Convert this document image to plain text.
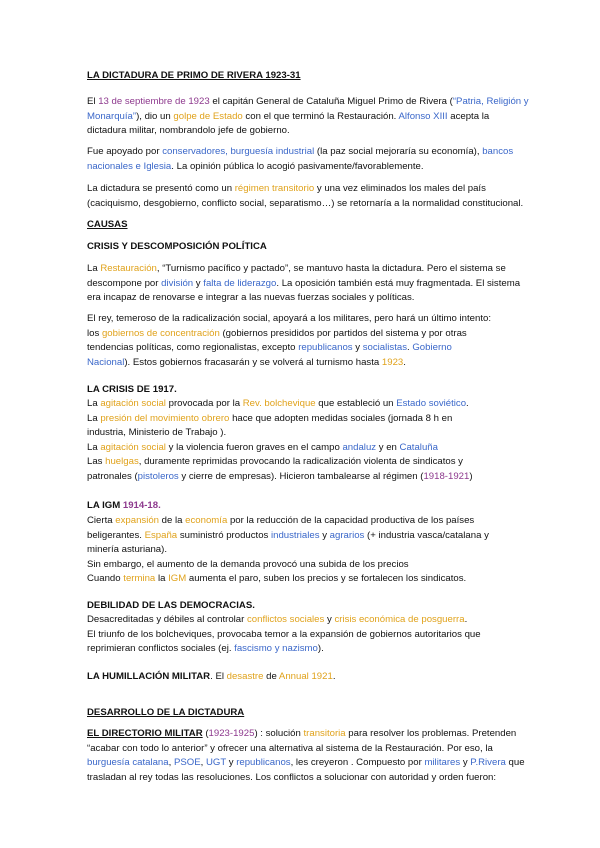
LA DICTADURA DE PRIMO DE RIVERA 1923-31
El 13 de septiembre de 1923 el capitán General de Cataluña Miguel Primo de Rivera (“Patria, Religión y
Monarquía”), dio un golpe de Estado con el que terminó la Restauración. Alfonso XIII acepta la
dictadura militar, nombrandolo jefe de gobierno.
Fue apoyado por conservadores, burguesía industrial (la paz social mejoraría su economía), bancos
nacionales e Iglesia. La opinión pública lo acogió pasivamente/favorablemente.
La dictadura se presentó como un régimen transitorio y una vez eliminados los males del país
(caciquismo, desgobierno, conflicto social, separatismo…) se retornaría a la normalidad constitucional.
CAUSAS
CRISIS Y DESCOMPOSICIÓN POLÍTICA
La Restauración, “Turnismo pacífico y pactado”, se mantuvo hasta la dictadura. Pero el sistema se
descompone por división y falta de liderazgo. La oposición también está muy fragmentada. El sistema
era incapaz de renovarse e integrar a las nuevas fuerzas sociales y políticas.
El rey, temeroso de la radicalización social, apoyará a los militares, pero hará un último intento:
los gobiernos de concentración (gobiernos presididos por partidos del sistema y por otras
tendencias políticas, como regionalistas, excepto republicanos y socialistas. Gobierno
Nacional). Estos gobiernos fracasarán y se volverá al turnismo hasta 1923.
LA CRISIS DE 1917.
La agitación social provocada por la Rev. bolchevique que estableció un Estado soviético.
La presión del movimiento obrero hace que adopten medidas sociales (jornada 8 h en
industria, Ministerio de Trabajo ).
La agitación social y la violencia fueron graves en el campo andaluz y en Cataluña
Las huelgas, duramente reprimidas provocando la radicalización violenta de sindicatos y
patronales (pistoleros y cierre de empresas). Hicieron tambalearse al régimen (1918-1921)
LA IGM 1914-18.
Cierta expansión de la economía por la reducción de la capacidad productiva de los países
beligerantes. España suministró productos industriales y agrarios (+ industria vasca/catalana y
minería asturiana).
Sin embargo, el aumento de la demanda provocó una subida de los precios
Cuando termina la IGM aumenta el paro, suben los precios y se fortalecen los sindicatos.
DEBILIDAD DE LAS DEMOCRACIAS.
Desacreditadas y débiles al controlar conflictos sociales y crisis económica de posguerra.
El triunfo de los bolcheviques, provocaba temor a la expansión de gobiernos autoritarios que
reprimieran conflictos sociales (ej. fascismo y nazismo).
LA HUMILLACIÓN MILITAR. El desastre de Annual 1921.
DESARROLLO DE LA DICTADURA
EL DIRECTORIO MILITAR (1923-1925) : solución transitoria para resolver los problemas. Pretenden
“acabar con todo lo anterior” y ofrecer una alternativa al sistema de la Restauración. Por eso, la
burguesía catalana, PSOE, UGT y republicanos, les creyeron . Compuesto por militares y P.Rivera que
trasladan al rey todas las resoluciones. Los conflictos a solucionar con autoridad y orden fueron:
